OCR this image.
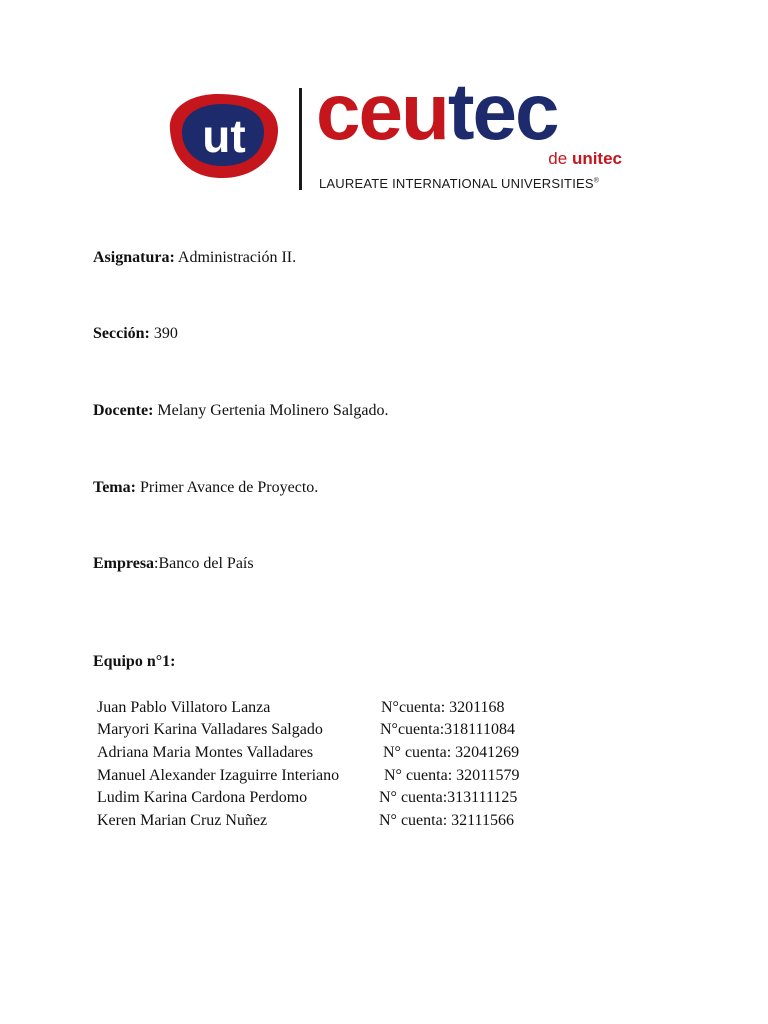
ut ceutec
de unitec
LAUREATE INTERNATIONAL UNIVERSITIES®
Asignatura: Administración II.
Sección: 390
Docente: Melany Gertenia Molinero Salgado.
Tema: Primer Avance de Proyecto.
Empresa:Banco del País
Equipo n°1:
Juan Pablo Villatoro Lanza	N°cuenta: 3201168
Maryori Karina Valladares Salgado	N°cuenta:318111084
Adriana Maria Montes Valladares	N° cuenta: 32041269
Manuel Alexander Izaguirre Interiano	N° cuenta: 32011579
Ludim Karina Cardona Perdomo	N° cuenta:313111125
Keren Marian Cruz Nuñez	N° cuenta: 32111566
